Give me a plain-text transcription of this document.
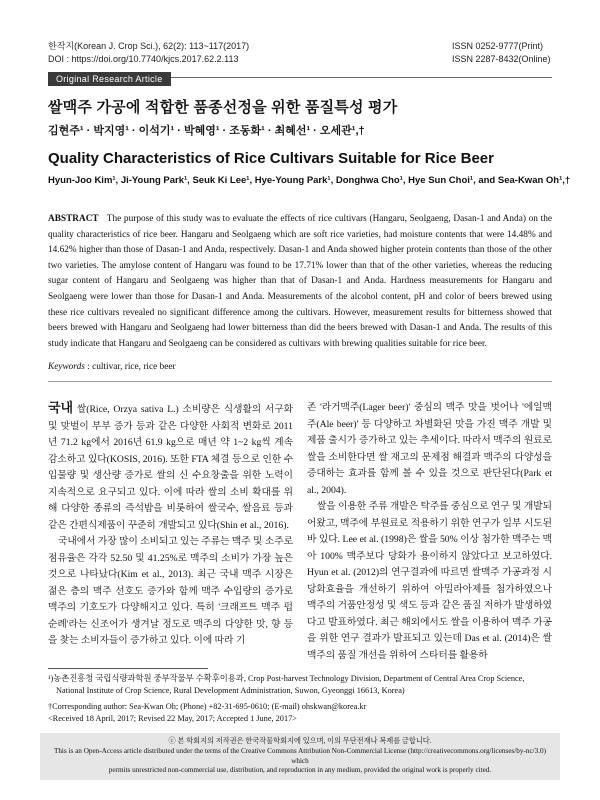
한작지(Korean J. Crop Sci.), 62(2): 113~117(2017)
DOI : https://doi.org/10.7740/kjcs.2017.62.2.113
ISSN 0252-9777(Print)
ISSN 2287-8432(Online)
Original Research Article
쌀맥주 가공에 적합한 품종선정을 위한 품질특성 평가
김현주¹ · 박지영¹ · 이석기¹ · 박혜영¹ · 조동화¹ · 최혜선¹ · 오세관¹,†
Quality Characteristics of Rice Cultivars Suitable for Rice Beer
Hyun-Joo Kim¹, Ji-Young Park¹, Seuk Ki Lee¹, Hye-Young Park¹, Donghwa Cho¹, Hye Sun Choi¹, and Sea-Kwan Oh¹,†
ABSTRACT The purpose of this study was to evaluate the effects of rice cultivars (Hangaru, Seolgaeng, Dasan-1 and Anda) on the quality characteristics of rice beer. Hangaru and Seolgaeng which are soft rice varieties, had moisture contents that were 14.48% and 14.62% higher than those of Dasan-1 and Anda, respectively. Dasan-1 and Anda showed higher protein contents than those of the other two varieties. The amylose content of Hangaru was found to be 17.71% lower than that of the other varieties, whereas the reducing sugar content of Hangaru and Seolgaeng was higher than that of Dasan-1 and Anda. Hardness measurements for Hangaru and Seolgaeng were lower than those for Dasan-1 and Anda. Measurements of the alcohol content, pH and color of beers brewed using these rice cultivars revealed no significant difference among the cultivars. However, measurement results for bitterness showed that beers brewed with Hangaru and Seolgaeng had lower bitterness than did the beers brewed with Dasan-1 and Anda. The results of this study indicate that Hangaru and Seolgaeng can be considered as cultivars with brewing qualities suitable for rice beer.
Keywords : cultivar, rice, rice beer

국내 쌀(Rice, Orzya sativa L.) 소비량은 식생활의 서구화 및 맞벌이 부부 증가 등과 같은 다양한 사회적 변화로 2011년 71.2 kg에서 2016년 61.9 kg으로 매년 약 1~2 kg씩 계속 감소하고 있다(KOSIS, 2016). 또한 FTA 체결 등으로 인한 수입물량 및 생산량 증가로 쌀의 신 수요창출을 위한 노력이 지속적으로 요구되고 있다. 이에 따라 쌀의 소비 확대를 위해 다양한 종류의 즉석밥을 비롯하여 쌀국수, 쌀음료 등과 같은 간편식제품이 꾸준히 개발되고 있다(Shin et al., 2016).

국내에서 가장 많이 소비되고 있는 주류는 맥주 및 소주로 점유율은 각각 52.50 및 41.25%로 맥주의 소비가 가장 높은 것으로 나타났다(Kim et al., 2013). 최근 국내 맥주 시장은 젊은 층의 맥주 선호도 증가와 함께 맥주 수입량의 증가로 맥주의 기호도가 다양해지고 있다. 특히 '크래프트 맥주 펍순례'라는 신조어가 생겨날 정도로 맥주의 다양한 맛, 향 등을 찾는 소비자들이 증가하고 있다. 이에 따라 기

존 '라거맥주(Lager beer)' 중심의 맥주 맛을 벗어나 '에일맥주(Ale beer)' 등 다양하고 차별화된 맛을 가진 맥주 개발 및 제품 출시가 증가하고 있는 추세이다. 따라서 맥주의 원료로 쌀을 소비한다면 쌀 재고의 문제점 해결과 맥주의 다양성을 증대하는 효과를 함께 볼 수 있을 것으로 판단된다(Park et al., 2004).

쌀을 이용한 주류 개발은 탁주를 중심으로 연구 및 개발되어왔고, 맥주에 부원료로 적용하기 위한 연구가 일부 시도된 바 있다. Lee et al. (1998)은 쌀을 50% 이상 첨가한 맥주는 맥아 100% 맥주보다 당화가 용이하지 않았다고 보고하였다. Hyun et al. (2012)의 연구결과에 따르면 쌀맥주 가공과정 시 당화효율을 개선하기 위하여 아밀라아제를 첨가하였으나 맥주의 거품안정성 및 색도 등과 같은 품질 저하가 발생하였다고 발표하였다. 최근 해외에서도 쌀을 이용하여 맥주 가공을 위한 연구 결과가 발표되고 있는데 Das et al. (2014)은 쌀맥주의 품질 개선을 위하여 스타터를 활용하

¹)농촌진흥청 국립식량과학원 중부작물부 수확후이용과, Crop Post-harvest Technology Division, Department of Central Area Crop Science,
National Institute of Crop Science, Rural Development Administration, Suwon, Gyeonggi 16613, Korea)
†Corresponding author: Sea-Kwan Oh; (Phone) +82-31-695-0610; (E-mail) ohskwan@korea.kr
<Received 18 April, 2017; Revised 22 May, 2017; Accepted 1 June, 2017>
ⓒ 본 학회지의 저작권은 한국작물학회지에 있으며, 이의 무단전재나 복제를 금합니다.
This is an Open-Access article distributed under the terms of the Creative Commons Attribution Non-Commercial License (http://creativecommons.org/licenses/by-nc/3.0) which
permits unrestricted non-commercial use, distribution, and reproduction in any medium, provided the original work is properly cited.
